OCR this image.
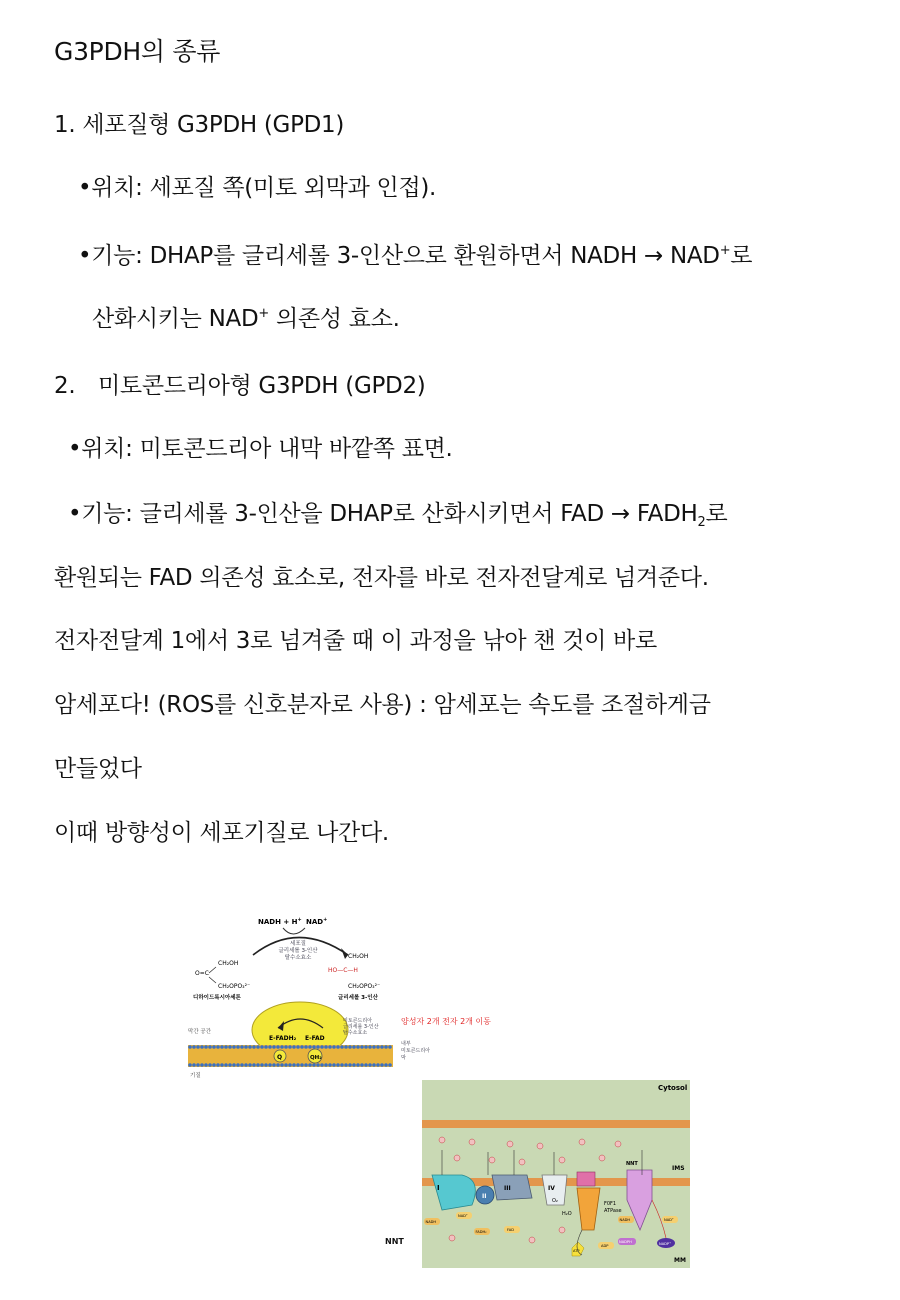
G3PDH의 종류
1. 세포질형 G3PDH (GPD1)
•위치: 세포질 쪽(미토 외막과 인접).
•기능: DHAP를 글리세롤 3-인산으로 환원하면서 NADH → NAD+로
산화시키는 NAD+ 의존성 효소.
2. 미토콘드리아형 G3PDH (GPD2)
•위치: 미토콘드리아 내막 바깥쪽 표면.
•기능: 글리세롤 3-인산을 DHAP로 산화시키면서 FAD → $FADH_2$로
환원되는 FAD 의존성 효소로, 전자를 바로 전자전달계로 넘겨준다.
전자전달계 1에서 3로 넘겨줄 때 이 과정을 낚아 챈 것이 바로
암세포다! (ROS를 신호분자로 사용) : 암세포는 속도를 조절하게금
만들었다
이때 방향성이 세포기질로 나간다.
NADH + H+ NAD+
세포질
글리세롤 3-인산
탈수소효소
CH₂OH
O=C
CH₂OPO₃²⁻
디하이드록시아세톤
CH₂OH
HO—C—H
CH₂OPO₃²⁻
글리세롤 3-인산
E-FADH₂ E-FAD
미토콘드리아
글리세롤 3-인산
탈수소효소
양성자 2개 전자 2개 이동
막간 공간
Q	QH₂
내부
미토콘드리아
막
기질
NNT
Cytosol
IMS
MM
I
II
III	IV
F0F1
ATPase
H₂O
O₂
NNT
NADH
NAD⁺
FADH₂	FAD
ATP
ADP
NADPH	NADP⁺
NADH	NAD⁺
